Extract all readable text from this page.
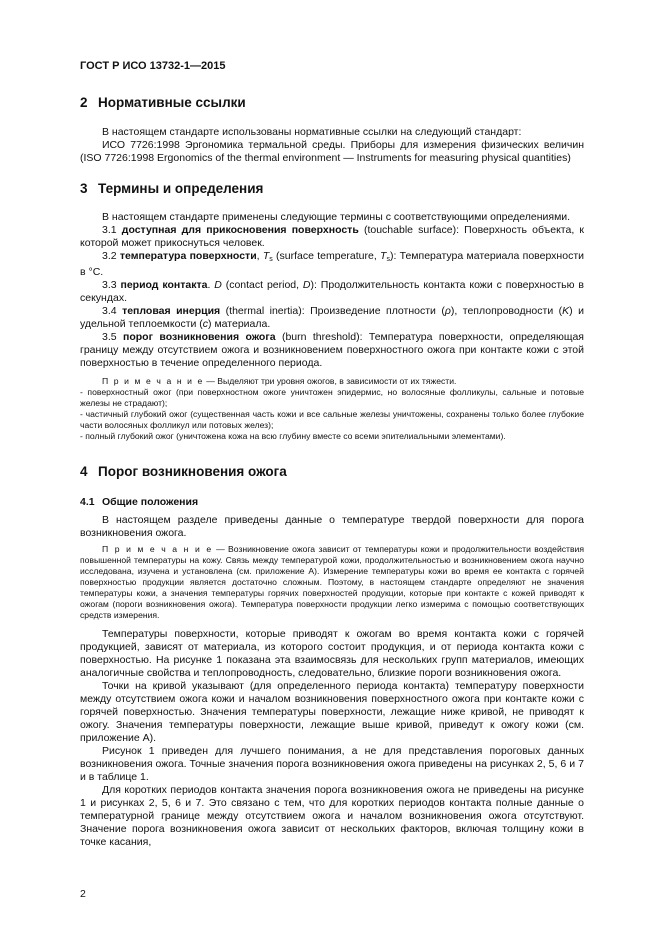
ГОСТ Р ИСО 13732-1—2015
2 Нормативные ссылки

В настоящем стандарте использованы нормативные ссылки на следующий стандарт:

ИСО 7726:1998 Эргономика термальной среды. Приборы для измерения физических величин (ISO 7726:1998 Ergonomics of the thermal environment — Instruments for measuring physical quantities)

3 Термины и определения

В настоящем стандарте применены следующие термины с соответствующими определениями.

3.1 доступная для прикосновения поверхность (touchable surface): Поверхность объекта, к которой может прикоснуться человек.

3.2 температура поверхности, $T_s$ (surface temperature, $T_s$): Температура материала поверхности в °C.

3.3 период контакта. D (contact period, D): Продолжительность контакта кожи с поверхностью в секундах.

3.4 тепловая инерция (thermal inertia): Произведение плотности (ρ), теплопроводности (K) и удельной теплоемкости (c) материала.

3.5 порог возникновения ожога (burn threshold): Температура поверхности, определяющая границу между отсутствием ожога и возникновением поверхностного ожога при контакте кожи с этой поверхностью в течение определенного периода.

П р и м е ч а н и е — Выделяют три уровня ожогов, в зависимости от их тяжести.

- поверхностный ожог (при поверхностном ожоге уничтожен эпидермис, но волосяные фолликулы, сальные и потовые железы не страдают);

- частичный глубокий ожог (существенная часть кожи и все сальные железы уничтожены, сохранены только более глубокие части волосяных фолликул или потовых желез);

- полный глубокий ожог (уничтожена кожа на всю глубину вместе со всеми эпителиальными элементами).

4 Порог возникновения ожога
4.1 Общие положения

В настоящем разделе приведены данные о температуре твердой поверхности для порога возникновения ожога.

П р и м е ч а н и е — Возникновение ожога зависит от температуры кожи и продолжительности воздействия повышенной температуры на кожу. Связь между температурой кожи, продолжительностью и возникновением ожога научно исследована, изучена и установлена (см. приложение А). Измерение температуры кожи во время ее контакта с горячей поверхностью продукции является достаточно сложным. Поэтому, в настоящем стандарте определяют не значения температуры кожи, а значения температуры горячих поверхностей продукции, которые при контакте с кожей приводят к ожогам (пороги возникновения ожога). Температура поверхности продукции легко измерима с помощью соответствующих средств измерения.

Температуры поверхности, которые приводят к ожогам во время контакта кожи с горячей продукцией, зависят от материала, из которого состоит продукция, и от периода контакта кожи с поверхностью. На рисунке 1 показана эта взаимосвязь для нескольких групп материалов, имеющих аналогичные свойства и теплопроводность, следовательно, близкие пороги возникновения ожога.

Точки на кривой указывают (для определенного периода контакта) температуру поверхности между отсутствием ожога кожи и началом возникновения поверхностного ожога при контакте кожи с горячей поверхностью. Значения температуры поверхности, лежащие ниже кривой, не приводят к ожогу. Значения температуры поверхности, лежащие выше кривой, приведут к ожогу кожи (см. приложение А).

Рисунок 1 приведен для лучшего понимания, а не для представления пороговых данных возникновения ожога. Точные значения порога возникновения ожога приведены на рисунках 2, 5, 6 и 7 и в таблице 1.

Для коротких периодов контакта значения порога возникновения ожога не приведены на рисунке 1 и рисунках 2, 5, 6 и 7. Это связано с тем, что для коротких периодов контакта полные данные о температурной границе между отсутствием ожога и началом возникновения ожога отсутствуют. Значение порога возникновения ожога зависит от нескольких факторов, включая толщину кожи в точке касания,

2
